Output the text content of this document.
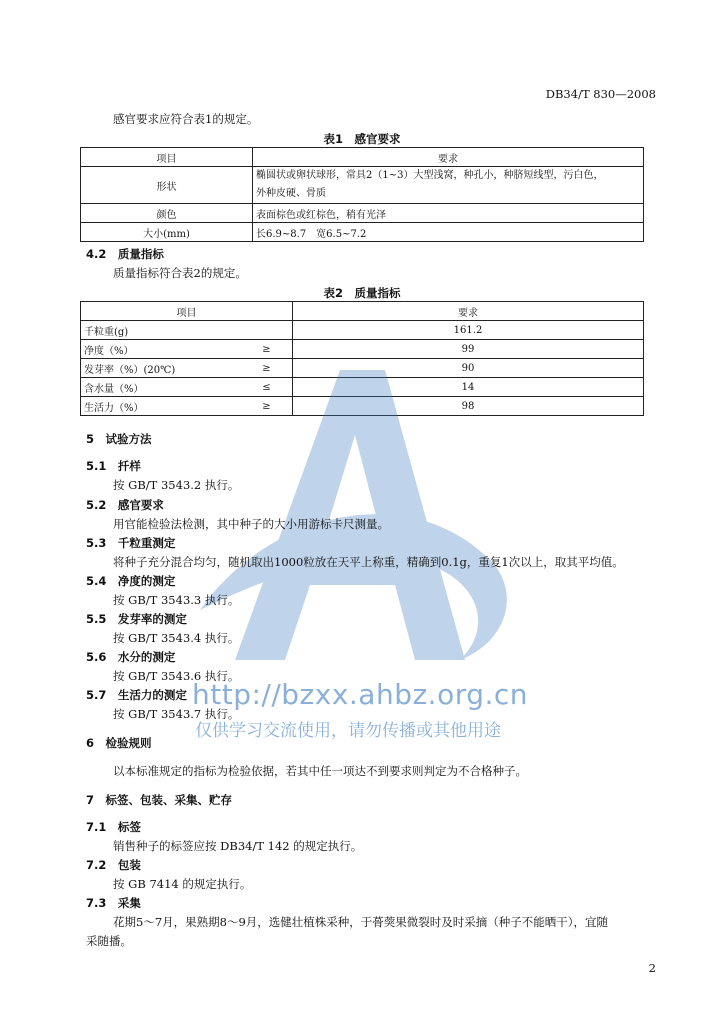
DB34/T 830—2008
感官要求应符合表1的规定。
表1　感官要求
项目	要求
形状	椭圆状或卵状球形，常具2（1~3）大型浅窝，种孔小，种脐短线型，污白色，
外种皮硬、骨质
颜色	表面棕色或红棕色，稍有光泽
大小(mm)	长6.9~8.7　宽6.5~7.2
4.2　质量指标
质量指标符合表2的规定。
表2　质量指标
项目		要求
千粒重(g)		161.2
净度（%）	≥	99
发芽率（%）(20℃)	≥	90
含水量（%）	≤	14
生活力（%）	≥	98
http://bzxx.ahbz.org.cn
仅供学习交流使用，请勿传播或其他用途
5　试验方法
5.1　扦样
按 GB/T 3543.2 执行。
5.2　感官要求
用官能检验法检测，其中种子的大小用游标卡尺测量。
5.3　千粒重测定
将种子充分混合均匀，随机取出1000粒放在天平上称重，精确到0.1g，重复1次以上，取其平均值。
5.4　净度的测定
按 GB/T 3543.3 执行。
5.5　发芽率的测定
按 GB/T 3543.4 执行。
5.6　水分的测定
按 GB/T 3543.6 执行。
5.7　生活力的测定
按 GB/T 3543.7 执行。
6　检验规则
以本标准规定的指标为检验依据，若其中任一项达不到要求则判定为不合格种子。
7　标签、包装、采集、贮存
7.1　标签
销售种子的标签应按 DB34/T 142 的规定执行。
7.2　包装
按 GB 7414 的规定执行。
7.3　采集
花期5～7月，果熟期8～9月，选健壮植株采种，于蓇葖果微裂时及时采摘（种子不能晒干），宜随
采随播。
2
